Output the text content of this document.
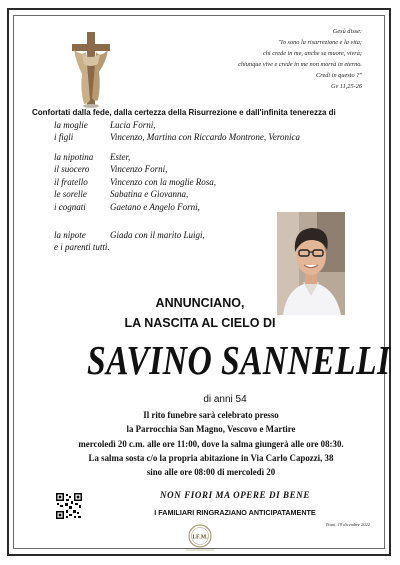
Gesù disse:
"Io sono la risurrezione e la vita;
chi crede in me, anche se muore, vivrà;
chiunque vive e crede in me non morrà in eterno.
Credi in questo ?"
Gv 11,25-26
Confortati dalla fede, dalla certezza della Risurrezione e dall'infinita tenerezza di
la moglie	Lucia Forni,
i figli	Vincenzo, Martina con Riccardo Montrone, Veronica
la nipotina	Ester,
il suocero	Vincenzo Forni,
il fratello	Vincenzo con la moglie Rosa,
le sorelle	Sabatina e Giovanna,
i cognati	Gaetano e Angelo Forni,
la nipote	Giada con il marito Luigi,
e i parenti tutti.
ANNUNCIANO,
LA NASCITA AL CIELO DI
SAVINO SANNELLI
di anni 54
Il rito funebre sarà celebrato presso
la Parrocchia San Magno, Vescovo e Martire
mercoledì 20 c.m. alle ore 11:00, dove la salma giungerà alle ore 08:30.
La salma sosta c/o la propria abitazione in Via Carlo Capozzi, 38
sino alle ore 08:00 di mercoledì 20
NON FIORI MA OPERE DI BENE
I FAMILIARI RINGRAZIANO ANTICIPATAMENTE
Trani, 19 dicembre 2022
I.F.M.
